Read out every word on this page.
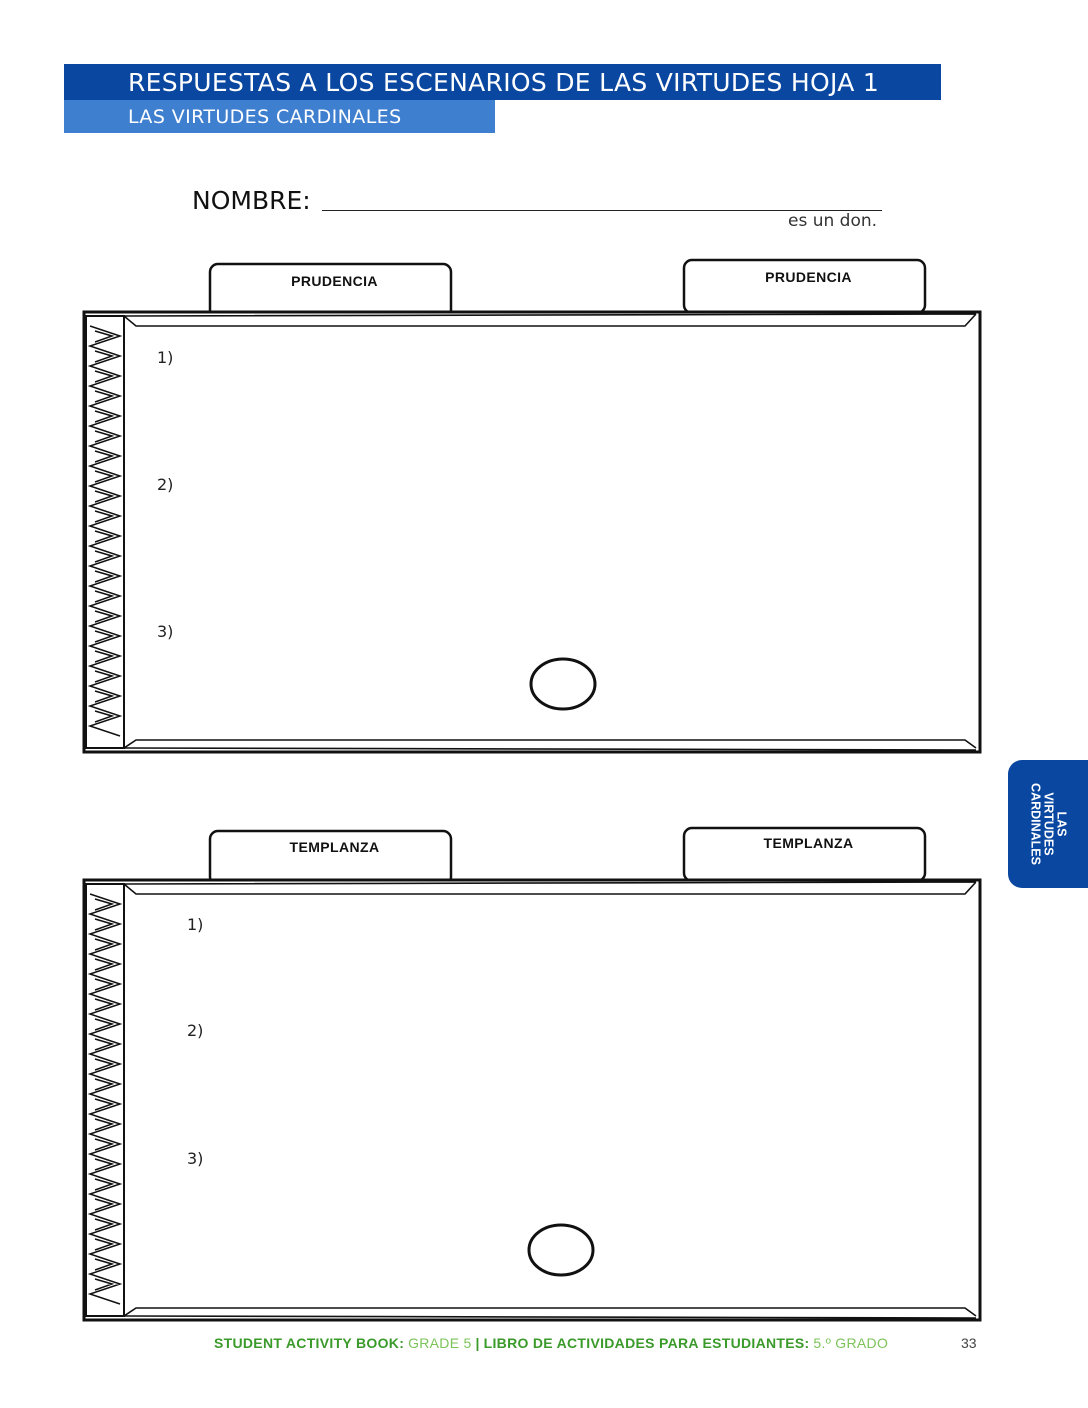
RESPUESTAS A LOS ESCENARIOS DE LAS VIRTUDES HOJA 1
LAS VIRTUDES CARDINALES
NOMBRE:
es un don.
PRUDENCIA	PRUDENCIA
1)
2)
3)
TEMPLANZA	TEMPLANZA
1)
2)
3)
LAS
VIRTUDES
CARDINALES
STUDENT ACTIVITY BOOK: GRADE 5 | LIBRO DE ACTIVIDADES PARA ESTUDIANTES: 5.º GRADO	33
